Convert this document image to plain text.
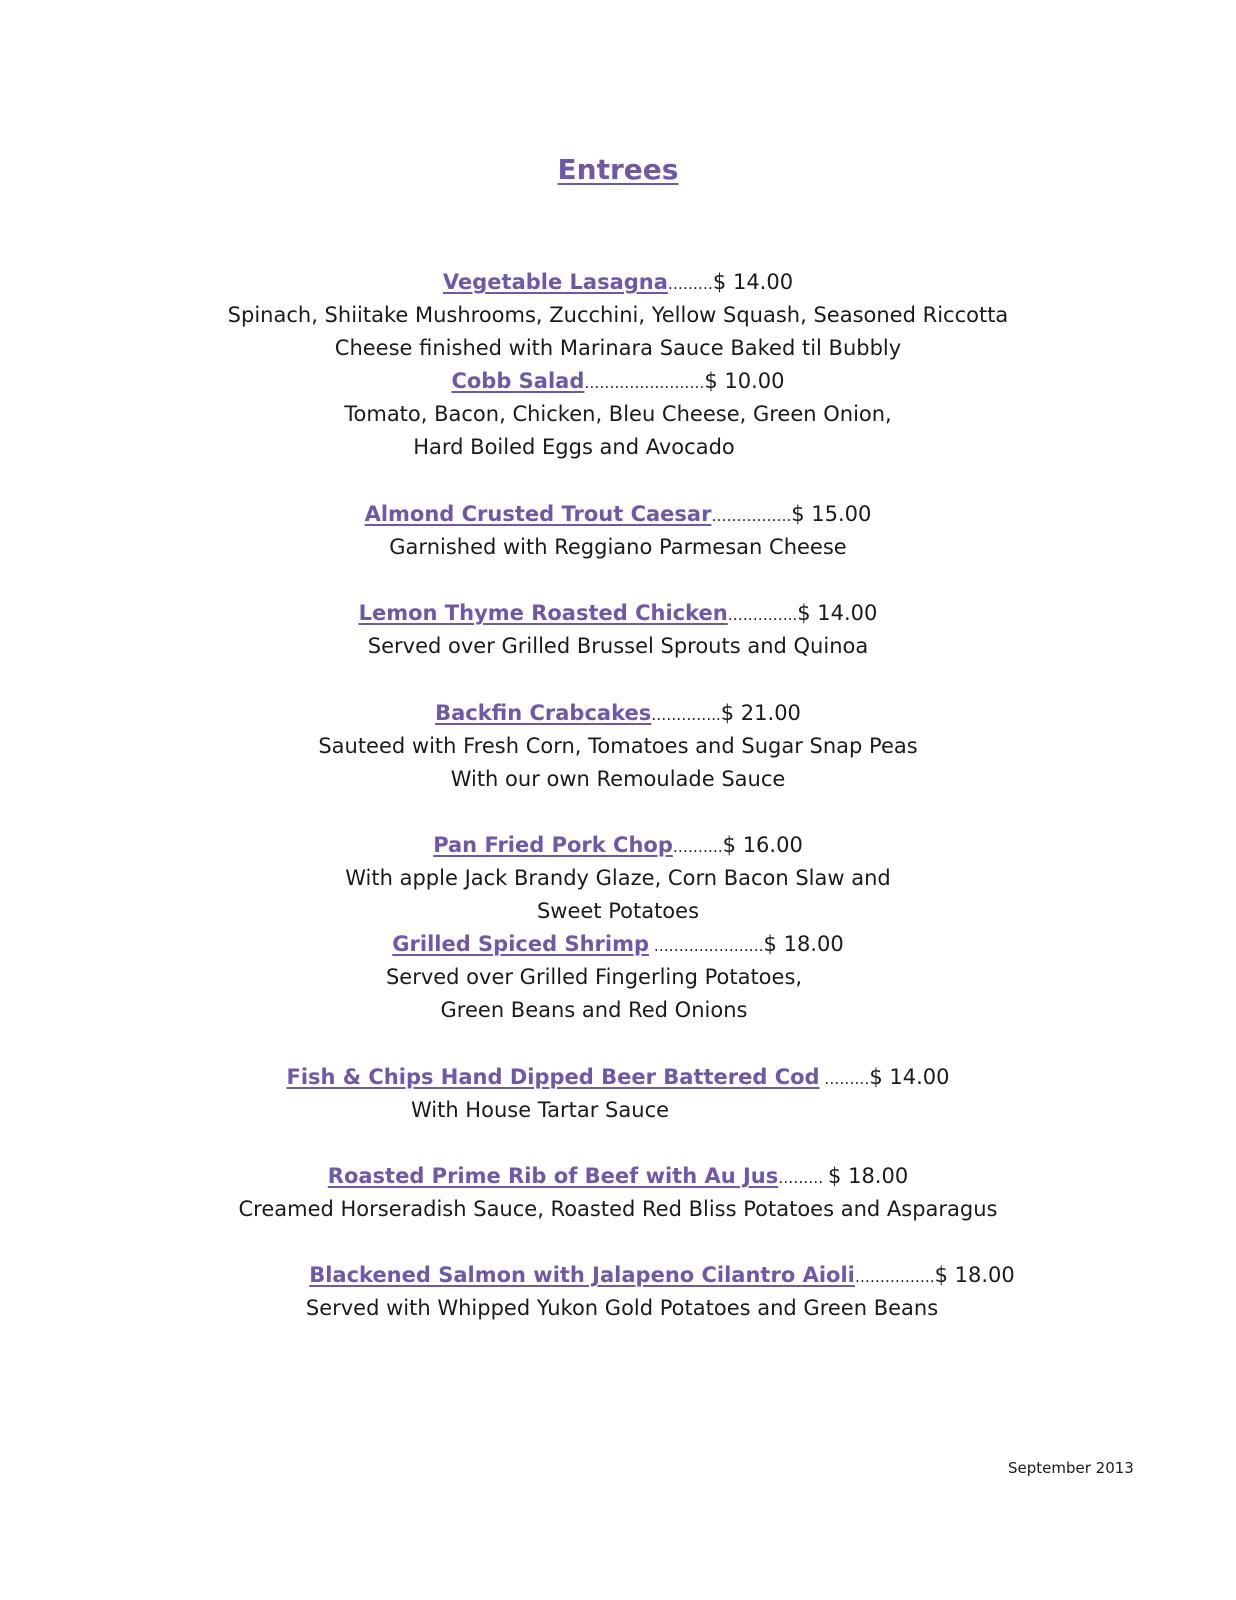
Entrees
Vegetable Lasagna………$ 14.00
Spinach, Shiitake Mushrooms, Zucchini, Yellow Squash, Seasoned Riccotta
Cheese finished with Marinara Sauce Baked til Bubbly
Cobb Salad……………………$ 10.00
Tomato, Bacon, Chicken, Bleu Cheese, Green Onion,
Hard Boiled Eggs and Avocado
Almond Crusted Trout Caesar…………….$ 15.00
Garnished with Reggiano Parmesan Cheese
Lemon Thyme Roasted Chicken…………..$ 14.00
Served over Grilled Brussel Sprouts and Quinoa
Backfin Crabcakes…………..$ 21.00
Sauteed with Fresh Corn, Tomatoes and Sugar Snap Peas
With our own Remoulade Sauce
Pan Fried Pork Chop……….$ 16.00
With apple Jack Brandy Glaze, Corn Bacon Slaw and
Sweet Potatoes
Grilled Spiced Shrimp ………………….$ 18.00
Served over Grilled Fingerling Potatoes,
Green Beans and Red Onions
Fish & Chips Hand Dipped Beer Battered Cod ………$ 14.00
With House Tartar Sauce
Roasted Prime Rib of Beef with Au Jus……… $ 18.00
Creamed Horseradish Sauce, Roasted Red Bliss Potatoes and Asparagus
Blackened Salmon with Jalapeno Cilantro Aioli…………….$ 18.00
Served with Whipped Yukon Gold Potatoes and Green Beans
September 2013
